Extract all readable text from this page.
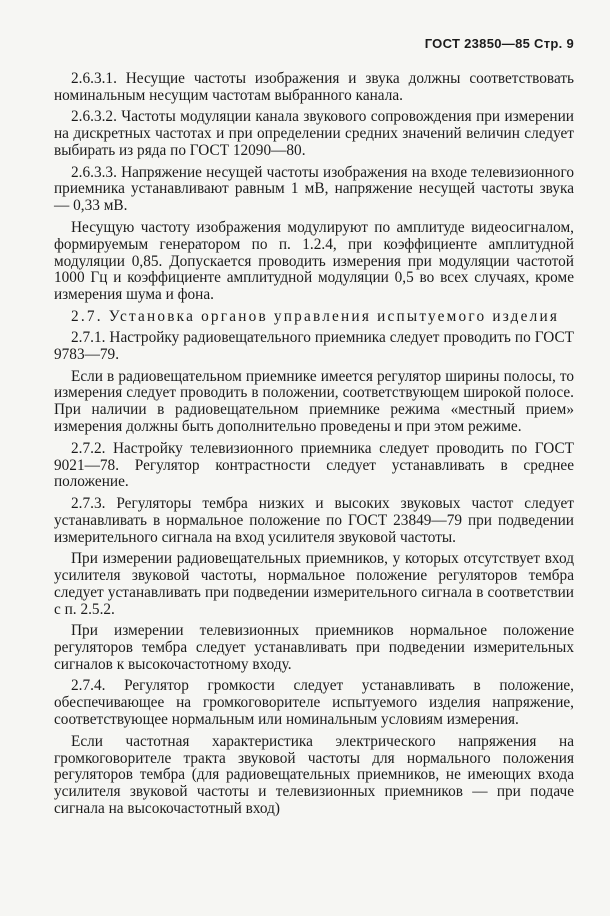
ГОСТ 23850—85 Стр. 9

2.6.3.1. Несущие частоты изображения и звука должны соответствовать номинальным несущим частотам выбранного канала.

2.6.3.2. Частоты модуляции канала звукового сопровождения при измерении на дискретных частотах и при определении средних значений величин следует выбирать из ряда по ГОСТ 12090—80.

2.6.3.3. Напряжение несущей частоты изображения на входе телевизионного приемника устанавливают равным 1 мВ, напряжение несущей частоты звука — 0,33 мВ.

Несущую частоту изображения модулируют по амплитуде видеосигналом, формируемым генератором по п. 1.2.4, при коэффициенте амплитудной модуляции 0,85. Допускается проводить измерения при модуляции частотой 1000 Гц и коэффициенте амплитудной модуляции 0,5 во всех случаях, кроме измерения шума и фона.

2.7. Установка органов управления испытуемого изделия

2.7.1. Настройку радиовещательного приемника следует проводить по ГОСТ 9783—79.

Если в радиовещательном приемнике имеется регулятор ширины полосы, то измерения следует проводить в положении, соответствующем широкой полосе. При наличии в радиовещательном приемнике режима «местный прием» измерения должны быть дополнительно проведены и при этом режиме.

2.7.2. Настройку телевизионного приемника следует проводить по ГОСТ 9021—78. Регулятор контрастности следует устанавливать в среднее положение.

2.7.3. Регуляторы тембра низких и высоких звуковых частот следует устанавливать в нормальное положение по ГОСТ 23849—79 при подведении измерительного сигнала на вход усилителя звуковой частоты.

При измерении радиовещательных приемников, у которых отсутствует вход усилителя звуковой частоты, нормальное положение регуляторов тембра следует устанавливать при подведении измерительного сигнала в соответствии с п. 2.5.2.

При измерении телевизионных приемников нормальное положение регуляторов тембра следует устанавливать при подведении измерительных сигналов к высокочастотному входу.

2.7.4. Регулятор громкости следует устанавливать в положение, обеспечивающее на громкоговорителе испытуемого изделия напряжение, соответствующее нормальным или номинальным условиям измерения.

Если частотная характеристика электрического напряжения на громкоговорителе тракта звуковой частоты для нормального положения регуляторов тембра (для радиовещательных приемников, не имеющих входа усилителя звуковой частоты и телевизионных приемников — при подаче сигнала на высокочастотный вход)
